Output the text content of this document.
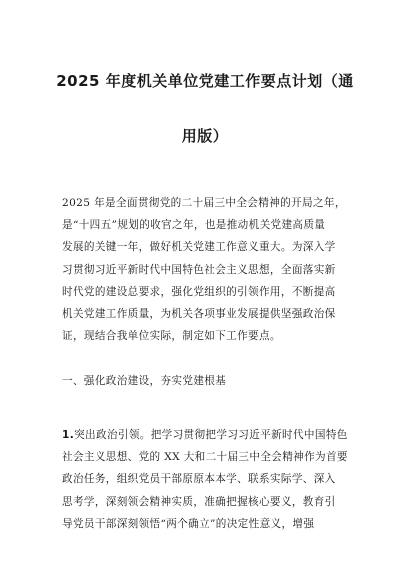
2025 年度机关单位党建工作要点计划（通
用版）
2025 年是全面贯彻党的二十届三中全会精神的开局之年，
是“十四五”规划的收官之年，也是推动机关党建高质量
发展的关键一年，做好机关党建工作意义重大。为深入学
习贯彻习近平新时代中国特色社会主义思想，全面落实新
时代党的建设总要求，强化党组织的引领作用，不断提高
机关党建工作质量，为机关各项事业发展提供坚强政治保
证，现结合我单位实际，制定如下工作要点。
一、强化政治建设，夯实党建根基
1.突出政治引领。把学习贯彻把学习习近平新时代中国特色
社会主义思想、党的 XX 大和二十届三中全会精神作为首要
政治任务，组织党员干部原原本本学、联系实际学、深入
思考学，深刻领会精神实质，准确把握核心要义，教育引
导党员干部深刻领悟“两个确立”的决定性意义，增强
